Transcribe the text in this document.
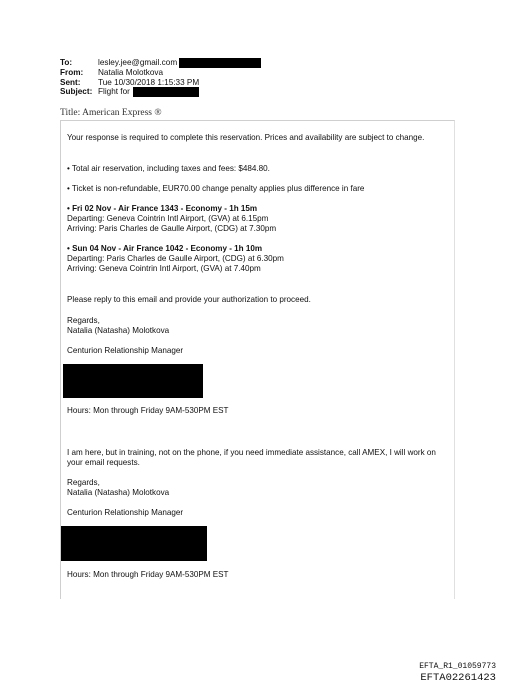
To:	lesley.jee@gmail.com
From:	Natalia Molotkova
Sent:	Tue 10/30/2018 1:15:33 PM
Subject: Flight for
Title: American Express ®
Your response is required to complete this reservation. Prices and availability are subject to change.
• Total air reservation, including taxes and fees: $484.80.
• Ticket is non-refundable, EUR70.00 change penalty applies plus difference in fare
• Fri 02 Nov - Air France 1343 - Economy - 1h 15m
Departing: Geneva Cointrin Intl Airport, (GVA) at 6.15pm
Arriving: Paris Charles de Gaulle Airport, (CDG) at 7.30pm
• Sun 04 Nov - Air France 1042 - Economy - 1h 10m
Departing: Paris Charles de Gaulle Airport, (CDG) at 6.30pm
Arriving: Geneva Cointrin Intl Airport, (GVA) at 7.40pm
Please reply to this email and provide your authorization to proceed.
Regards,
Natalia (Natasha) Molotkova
Centurion Relationship Manager
Hours: Mon through Friday 9AM-530PM EST
I am here, but in training, not on the phone, if you need immediate assistance, call AMEX, I will work on your email requests.
Regards,
Natalia (Natasha) Molotkova
Centurion Relationship Manager
Hours: Mon through Friday 9AM-530PM EST
EFTA_R1_01059773
EFTA02261423
